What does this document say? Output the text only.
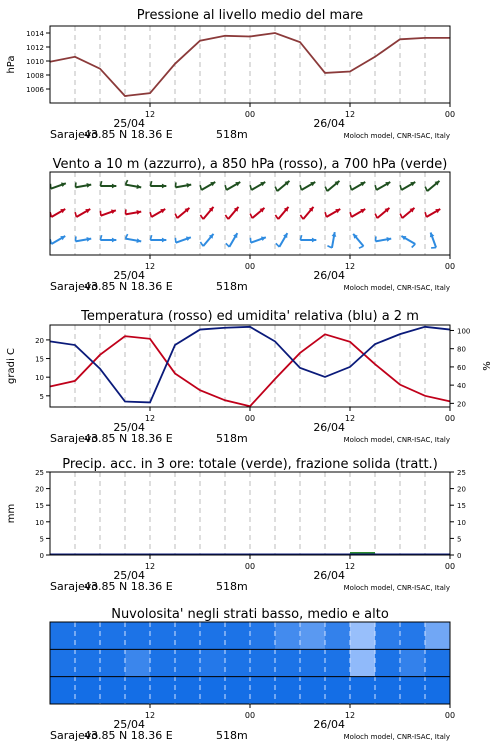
Pressione al livello medio del mare
1006
1008
1010
1012
1014
hPa
12	00	12	00
25/04	26/04
Sarajevo
43.85 N 18.36 E	518m	Moloch model, CNR-ISAC, Italy
Vento a 10 m (azzurro), a 850 hPa (rosso), a 700 hPa (verde)
12	00	12	00
25/04	26/04
Sarajevo
43.85 N 18.36 E	518m	Moloch model, CNR-ISAC, Italy
Temperatura (rosso) ed umidita' relativa (blu) a 2 m
5
10
15
20
20
40
60
80
100
gradi C	%
12	00	12	00
25/04	26/04
Sarajevo
43.85 N 18.36 E	518m	Moloch model, CNR-ISAC, Italy
Precip. acc. in 3 ore: totale (verde), frazione solida (tratt.)
0
5
10
15
20
25
0
5
10
15
20
25
mm
12	00	12	00
25/04	26/04
Sarajevo
43.85 N 18.36 E	518m	Moloch model, CNR-ISAC, Italy
Nuvolosita' negli strati basso, medio e alto
12	00	12	00
25/04	26/04
Sarajevo
43.85 N 18.36 E	518m	Moloch model, CNR-ISAC, Italy
